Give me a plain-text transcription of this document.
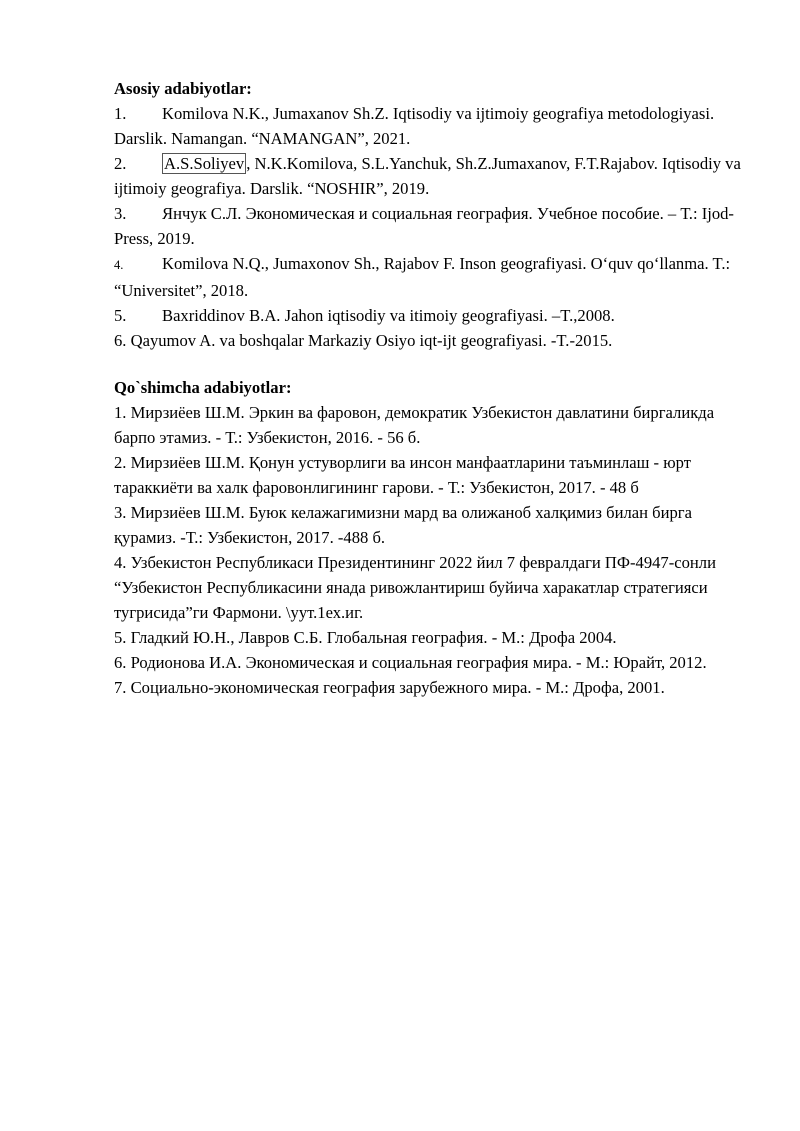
Asosiy adabiyotlar:

1. Komilova N.K., Jumaxanov Sh.Z. Iqtisodiy va ijtimoiy geografiya metodologiyasi. Darslik. Namangan. “NAMANGAN”, 2021.

2. A.S.Soliyev , N.K.Komilova, S.L.Yanchuk, Sh.Z.Jumaxanov, F.T.Rajabov. Iqtisodiy va ijtimoiy geografiya. Darslik. “NOSHIR”, 2019.

3. Янчук С.Л. Экономическая и социальная география. Учебное пособие. – Т.: Ijod-Press, 2019.

4. Komilova N.Q., Jumaxonov Sh., Rajabov F. Inson geografiyasi. O‘quv qo‘llanma. T.: “Universitet”, 2018.

5. Baxriddinov B.A. Jahon iqtisodiy va itimoiy geografiyasi. –T.,2008.

6. Qayumov A. va boshqalar Markaziy Osiyo iqt-ijt geografiyasi. -T.-2015.

Qo`shimcha adabiyotlar:

1. Мирзиёев Ш.М. Эркин ва фаровон, демократик Узбекистон давлатини биргаликда барпо этамиз. - Т.: Узбекистон, 2016. - 56 б.

2. Мирзиёев Ш.М. Қонун устуворлиги ва инсон манфаатларини таъминлаш - юрт тараккиёти ва халк фаровонлигининг гарови. - Т.: Узбекистон, 2017. - 48 б

3. Мирзиёев Ш.М. Буюк келажагимизни мард ва олижаноб халқимиз билан бирга қурамиз. -Т.: Узбекистон, 2017. -488 б.

4. Узбекистон Республикаси Президентининг 2022 йил 7 февралдаги ПФ-4947-сонли “Узбекистон Республикасини янада ривожлантириш буйича харакатлар стратегияси тугрисида”ги Фармони. \уут.1ех.иг.

5. Гладкий Ю.Н., Лавров С.Б. Глобальная география. - М.: Дрофа 2004.

6. Родионова И.А. Экономическая и социальная география мира. - М.: Юрайт, 2012.

7. Социально-экономическая география зарубежного мира. - М.: Дрофа, 2001.
